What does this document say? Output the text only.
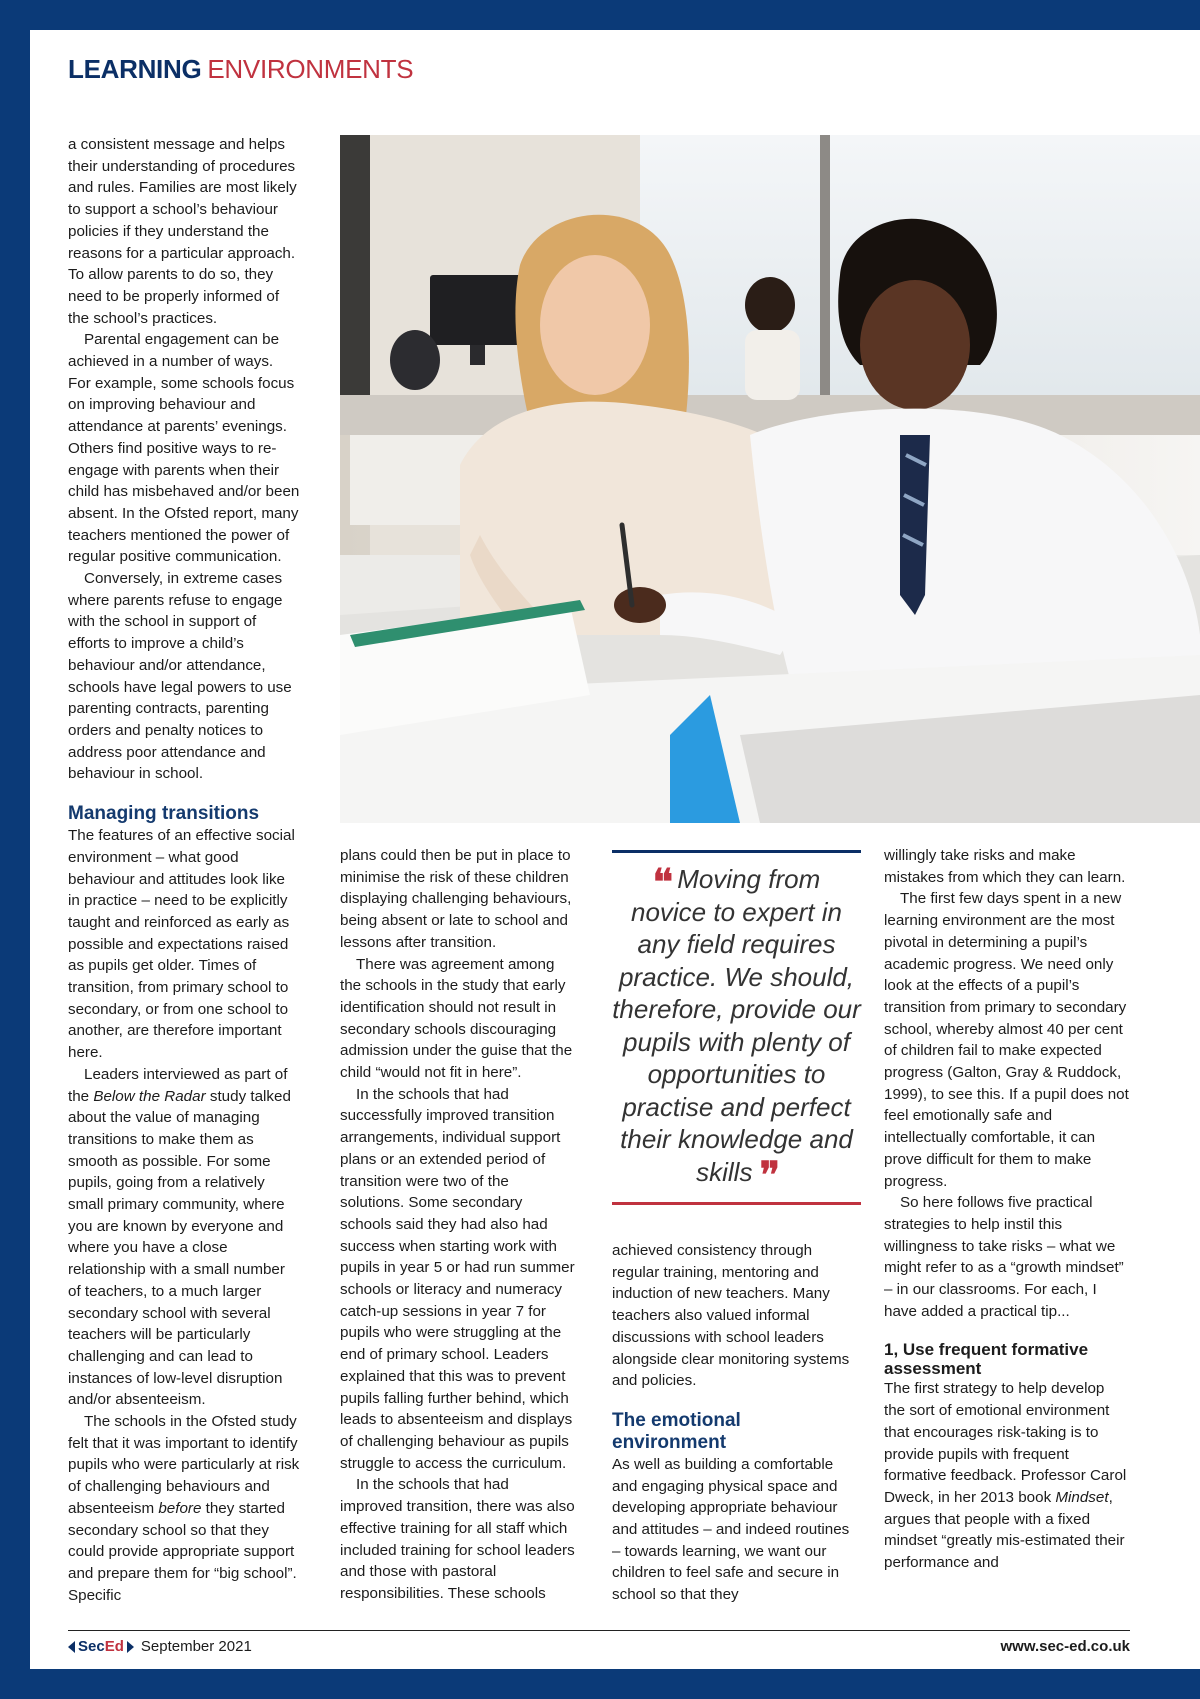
LEARNING ENVIRONMENTS

a consistent message and helps their understanding of procedures and rules. Families are most likely to support a school’s behaviour policies if they understand the reasons for a particular approach. To allow parents to do so, they need to be properly informed of the school’s practices.

Parental engagement can be achieved in a number of ways. For example, some schools focus on improving behaviour and attendance at parents’ evenings. Others find positive ways to re-engage with parents when their child has misbehaved and/or been absent. In the Ofsted report, many teachers mentioned the power of regular positive communication.

Conversely, in extreme cases where parents refuse to engage with the school in support of efforts to improve a child’s behaviour and/or attendance, schools have legal powers to use parenting contracts, parenting orders and penalty notices to address poor attendance and behaviour in school.

Managing transitions

The features of an effective social environment – what good behaviour and attitudes look like in practice – need to be explicitly taught and reinforced as early as possible and expectations raised as pupils get older. Times of transition, from primary school to secondary, or from one school to another, are therefore important here.

Leaders interviewed as part of the Below the Radar study talked about the value of managing transitions to make them as smooth as possible. For some pupils, going from a relatively small primary community, where you are known by everyone and where you have a close relationship with a small number of teachers, to a much larger secondary school with several teachers will be particularly challenging and can lead to instances of low-level disruption and/or absenteeism.

The schools in the Ofsted study felt that it was important to identify pupils who were particularly at risk of challenging behaviours and absenteeism before they started secondary school so that they could provide appropriate support and prepare them for “big school”. Specific

plans could then be put in place to minimise the risk of these children displaying challenging behaviours, being absent or late to school and lessons after transition.

There was agreement among the schools in the study that early identification should not result in secondary schools discouraging admission under the guise that the child “would not fit in here”.

In the schools that had successfully improved transition arrangements, individual support plans or an extended period of transition were two of the solutions. Some secondary schools said they had also had success when starting work with pupils in year 5 or had run summer schools or literacy and numeracy catch-up sessions in year 7 for pupils who were struggling at the end of primary school. Leaders explained that this was to prevent pupils falling further behind, which leads to absenteeism and displays of challenging behaviour as pupils struggle to access the curriculum.

In the schools that had improved transition, there was also effective training for all staff which included training for school leaders and those with pastoral responsibilities. These schools

❛❛ Moving from novice to expert in any field requires practice. We should, therefore, provide our pupils with plenty of opportunities to practise and perfect their knowledge and skills ❜❜

achieved consistency through regular training, mentoring and induction of new teachers. Many teachers also valued informal discussions with school leaders alongside clear monitoring systems and policies.

The emotional environment

As well as building a comfortable and engaging physical space and developing appropriate behaviour and attitudes – and indeed routines – towards learning, we want our children to feel safe and secure in school so that they

willingly take risks and make mistakes from which they can learn.

The first few days spent in a new learning environment are the most pivotal in determining a pupil’s academic progress. We need only look at the effects of a pupil’s transition from primary to secondary school, whereby almost 40 per cent of children fail to make expected progress (Galton, Gray & Ruddock, 1999), to see this. If a pupil does not feel emotionally safe and intellectually comfortable, it can prove difficult for them to make progress.

So here follows five practical strategies to help instil this willingness to take risks – what we might refer to as a “growth mindset” – in our classrooms. For each, I have added a practical tip...

1, Use frequent formative assessment

The first strategy to help develop the sort of emotional environment that encourages risk-taking is to provide pupils with frequent formative feedback. Professor Carol Dweck, in her 2013 book Mindset, argues that people with a fixed mindset “greatly mis-estimated their performance and

Sec Ed September 2021	www.sec-ed.co.uk
